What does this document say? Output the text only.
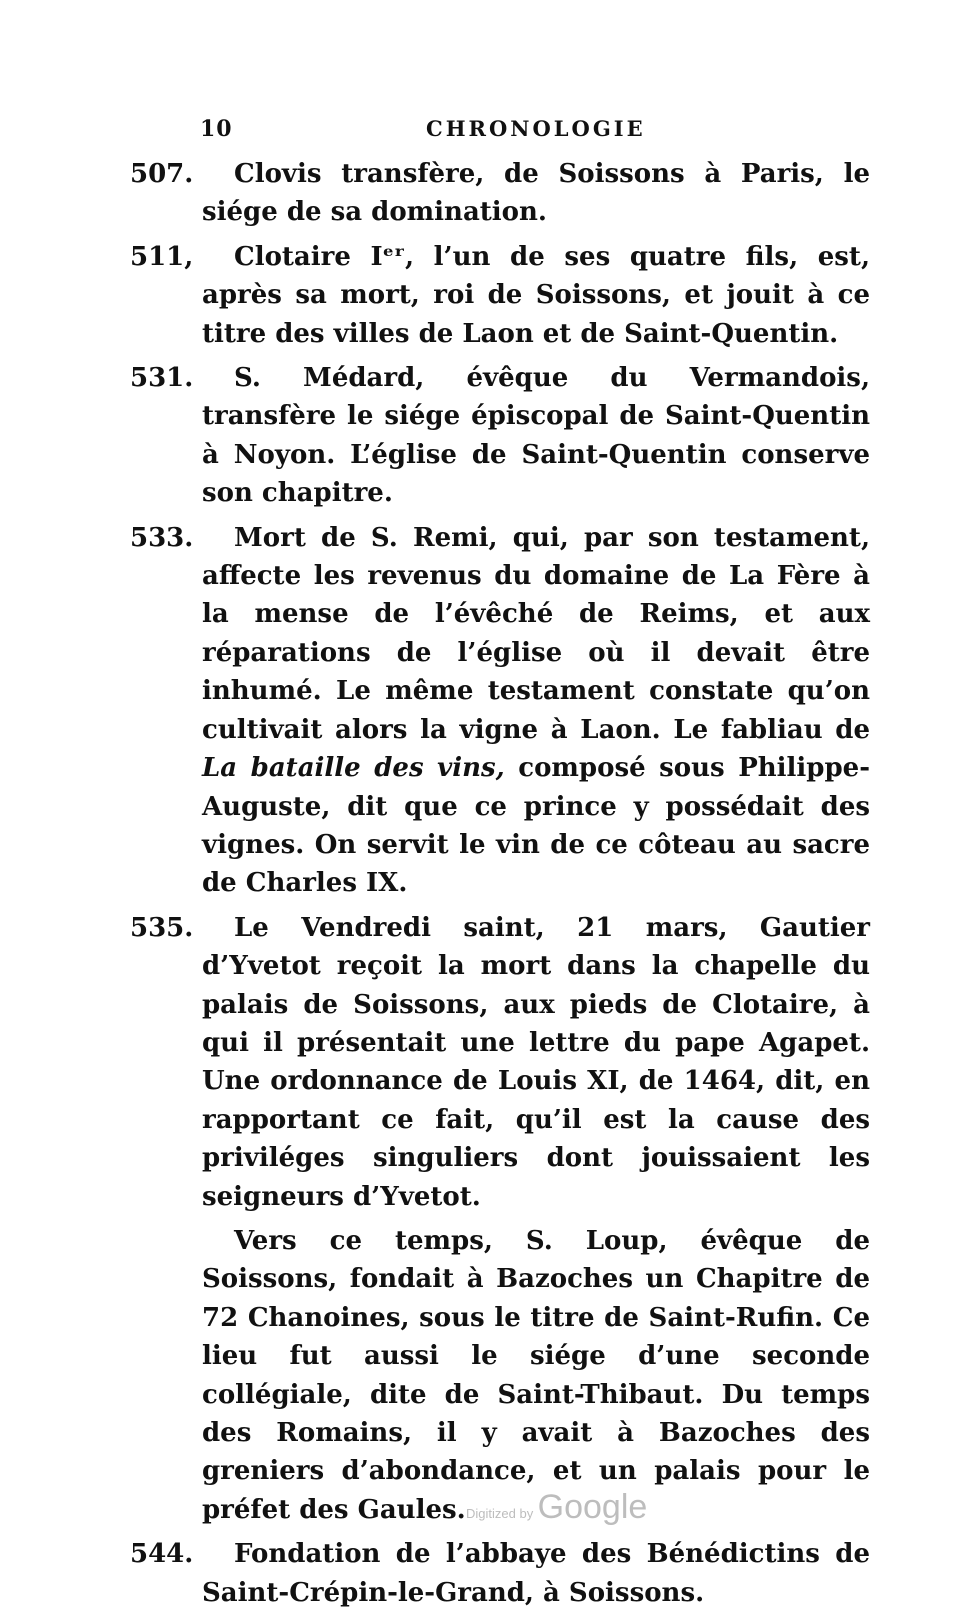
10	CHRONOLOGIE
507.	Clovis transfère, de Soissons à Paris, le siége de sa domination.
511,	Clotaire Iᵉʳ, l’un de ses quatre fils, est, après sa mort, roi de Soissons, et jouit à ce titre des villes de Laon et de Saint-Quentin.
531.	S. Médard, évêque du Vermandois, transfère le siége épiscopal de Saint-Quentin à Noyon. L’église de Saint-Quentin conserve son chapitre.
533.	Mort de S. Remi, qui, par son testament, affecte les revenus du domaine de La Fère à la mense de l’évêché de Reims, et aux réparations de l’église où il devait être inhumé. Le même testament constate qu’on cultivait alors la vigne à Laon. Le fabliau de La bataille des vins, composé sous Philippe-Auguste, dit que ce prince y possédait des vignes. On servit le vin de ce côteau au sacre de Charles IX.
535.	Le Vendredi saint, 21 mars, Gautier d’Yvetot reçoit la mort dans la chapelle du palais de Soissons, aux pieds de Clotaire, à qui il présentait une lettre du pape Agapet. Une ordonnance de Louis XI, de 1464, dit, en rapportant ce fait, qu’il est la cause des priviléges singuliers dont jouissaient les seigneurs d’Yvetot.
Vers ce temps, S. Loup, évêque de Soissons, fondait à Bazoches un Chapitre de 72 Chanoines, sous le titre de Saint-Rufin. Ce lieu fut aussi le siége d’une seconde collégiale, dite de Saint-Thibaut. Du temps des Romains, il y avait à Bazoches des greniers d’abondance, et un palais pour le préfet des Gaules.
544.	Fondation de l’abbaye des Bénédictins de Saint-Crépin-le-Grand, à Soissons.
Digitized by Google
